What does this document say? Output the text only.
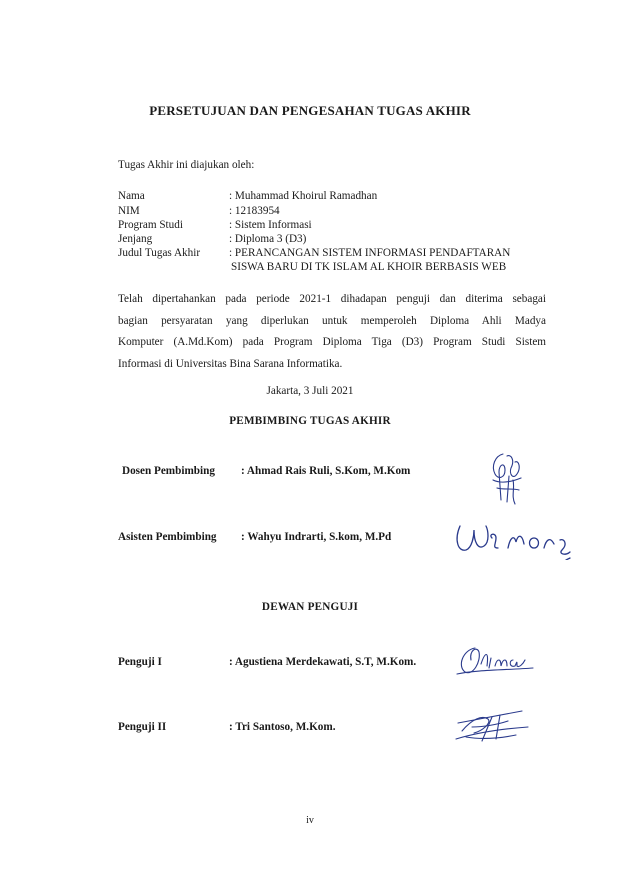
PERSETUJUAN DAN PENGESAHAN TUGAS AKHIR
Tugas Akhir ini diajukan oleh:
Nama	: Muhammad Khoirul Ramadhan
NIM	: 12183954
Program Studi	: Sistem Informasi
Jenjang	: Diploma 3 (D3)
Judul Tugas Akhir	: PERANCANGAN SISTEM INFORMASI PENDAFTARAN
SISWA BARU DI TK ISLAM AL KHOIR BERBASIS WEB
Telah dipertahankan pada periode 2021-1 dihadapan penguji dan diterima sebagai
bagian persyaratan yang diperlukan untuk memperoleh Diploma Ahli Madya
Komputer (A.Md.Kom) pada Program Diploma Tiga (D3) Program Studi Sistem
Informasi di Universitas Bina Sarana Informatika.
Jakarta, 3 Juli 2021
PEMBIMBING TUGAS AKHIR
Dosen Pembimbing : Ahmad Rais Ruli, S.Kom, M.Kom
Asisten Pembimbing : Wahyu Indrarti, S.kom, M.Pd
DEWAN PENGUJI
Penguji I	: Agustiena Merdekawati, S.T, M.Kom.
Penguji II	: Tri Santoso, M.Kom.
iv
